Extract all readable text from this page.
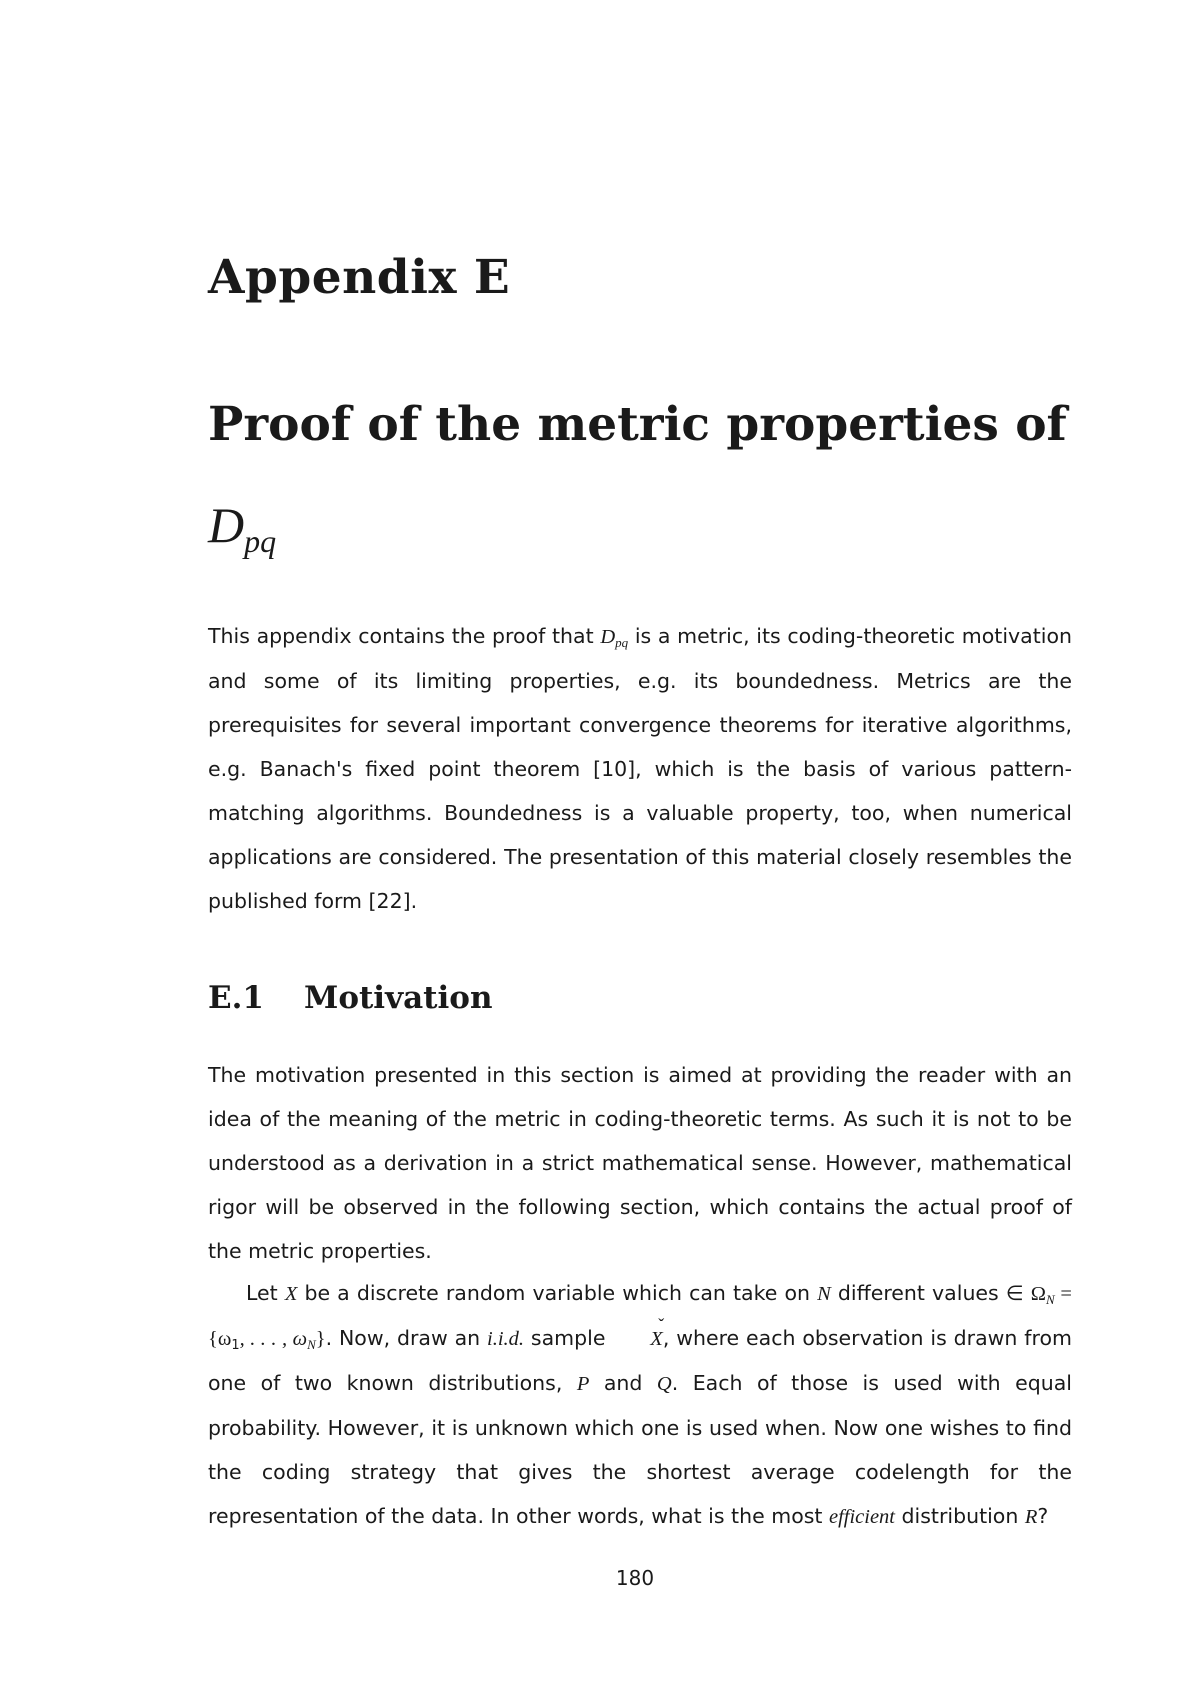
Appendix E
Proof of the metric properties of
$D_{pq}$

This appendix contains the proof that $D_{pq}$ is a metric, its coding-theoretic motivation and some of its limiting properties, e.g. its boundedness. Metrics are the prerequisites for several important convergence theorems for iterative algorithms, e.g. Banach's fixed point theorem [10], which is the basis of various pattern-matching algorithms. Boundedness is a valuable property, too, when numerical applications are considered. The presentation of this material closely resembles the published form [22].

E.1 Motivation

The motivation presented in this section is aimed at providing the reader with an idea of the meaning of the metric in coding-theoretic terms. As such it is not to be understood as a derivation in a strict mathematical sense. However, mathematical rigor will be observed in the following section, which contains the actual proof of the metric properties.

Let X be a discrete random variable which can take on N different values ∈ $\Omega_N = \{\omega_1$, . . . , $\omega_N$}. Now, draw an i.i.d. sample ˇ X, where each observation is drawn from one of two known distributions, P and Q. Each of those is used with equal probability. However, it is unknown which one is used when. Now one wishes to find the coding strategy that gives the shortest average codelength for the representation of the data. In other words, what is the most efficient distribution R?

180
